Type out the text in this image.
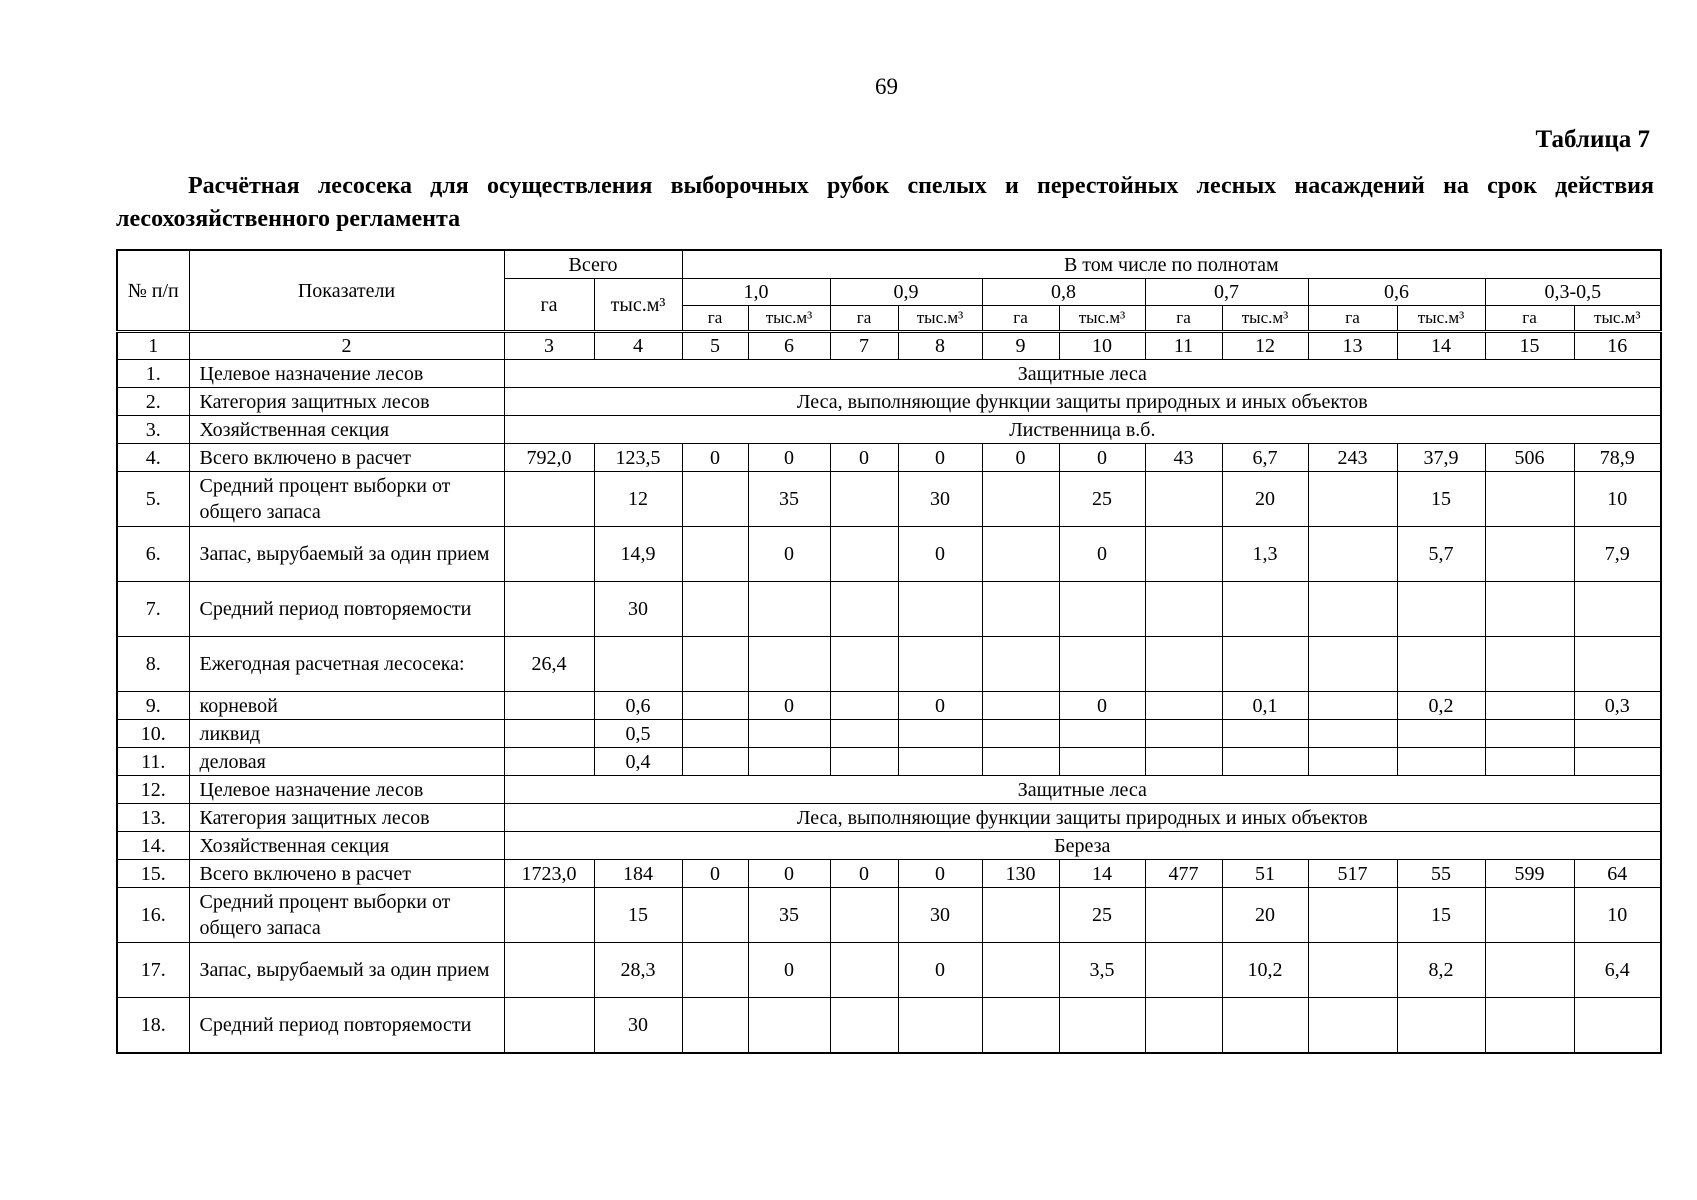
69
Таблица 7
Расчётная лесосека для осуществления выборочных рубок спелых и перестойных лесных насаждений на срок действия лесохозяйственного регламента
№ п/п	Показатели	Всего		В том числе по полнотам											
		га	тыс.м³	1,0		0,9		0,8		0,7		0,6		0,3-0,5	
				га	тыс.м³	га	тыс.м³	га	тыс.м³	га	тыс.м³	га	тыс.м³	га	тыс.м³
1	2	3	4	5	6	7	8	9	10	11	12	13	14	15	16
1.	Целевое назначение лесов	Защитные леса													
2.	Категория защитных лесов	Леса, выполняющие функции защиты природных и иных объектов													
3.	Хозяйственная секция	Лиственница в.б.													
4.	Всего включено в расчет	792,0	123,5	0	0	0	0	0	0	43	6,7	243	37,9	506	78,9
5.	Средний процент выборки от общего запаса		12		35		30		25		20		15		10
6.	Запас, вырубаемый за один прием		14,9		0		0		0		1,3		5,7		7,9
7.	Средний период повторяемости		30												
8.	Ежегодная расчетная лесосека:	26,4													
9.	корневой		0,6		0		0		0		0,1		0,2		0,3
10.	ликвид		0,5												
11.	деловая		0,4												
12.	Целевое назначение лесов	Защитные леса													
13.	Категория защитных лесов	Леса, выполняющие функции защиты природных и иных объектов													
14.	Хозяйственная секция	Береза													
15.	Всего включено в расчет	1723,0	184	0	0	0	0	130	14	477	51	517	55	599	64
16.	Средний процент выборки от общего запаса		15		35		30		25		20		15		10
17.	Запас, вырубаемый за один прием		28,3		0		0		3,5		10,2		8,2		6,4
18.	Средний период повторяемости		30												
